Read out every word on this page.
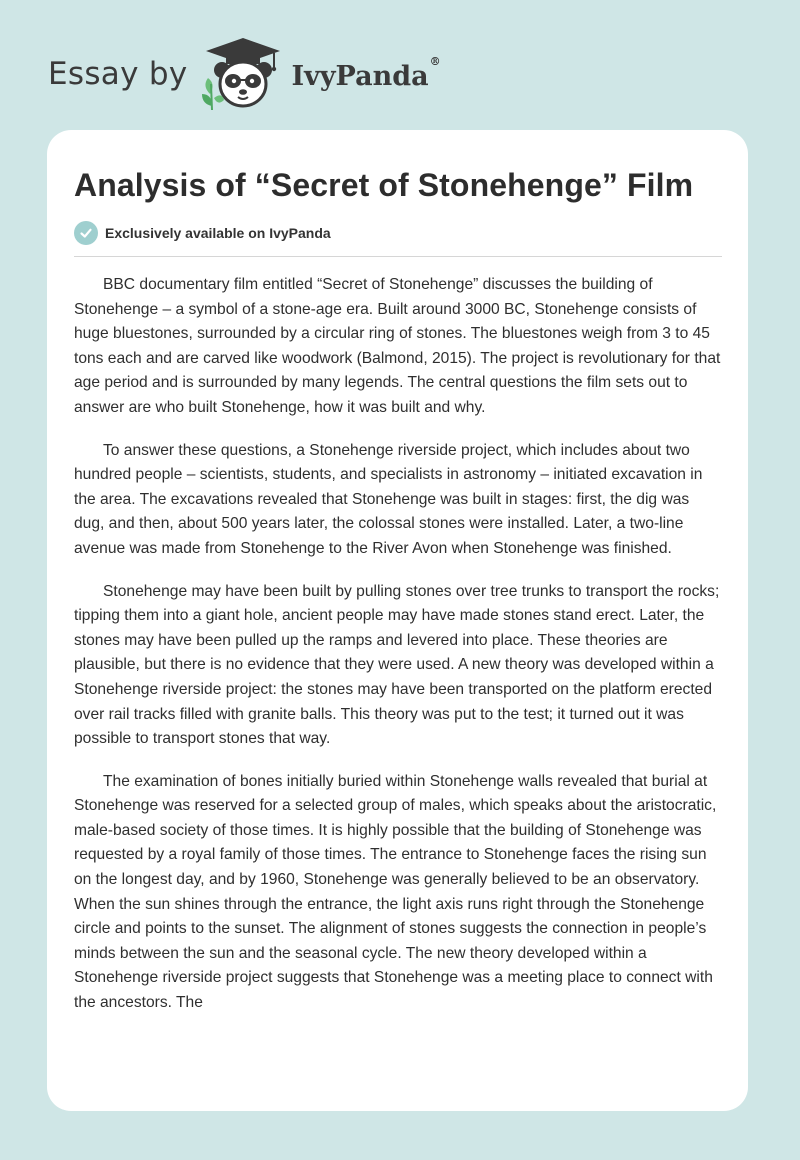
Essay by	IvyPanda®
Analysis of “Secret of Stonehenge” Film
Exclusively available on IvyPanda

BBC documentary film entitled “Secret of Stonehenge” discusses the building of Stonehenge – a symbol of a stone-age era. Built around 3000 BC, Stonehenge consists of huge bluestones, surrounded by a circular ring of stones. The bluestones weigh from 3 to 45 tons each and are carved like woodwork (Balmond, 2015). The project is revolutionary for that age period and is surrounded by many legends. The central questions the film sets out to answer are who built Stonehenge, how it was built and why.

To answer these questions, a Stonehenge riverside project, which includes about two hundred people – scientists, students, and specialists in astronomy – initiated excavation in the area. The excavations revealed that Stonehenge was built in stages: first, the dig was dug, and then, about 500 years later, the colossal stones were installed. Later, a two-line avenue was made from Stonehenge to the River Avon when Stonehenge was finished.

Stonehenge may have been built by pulling stones over tree trunks to transport the rocks; tipping them into a giant hole, ancient people may have made stones stand erect. Later, the stones may have been pulled up the ramps and levered into place. These theories are plausible, but there is no evidence that they were used. A new theory was developed within a Stonehenge riverside project: the stones may have been transported on the platform erected over rail tracks filled with granite balls. This theory was put to the test; it turned out it was possible to transport stones that way.

The examination of bones initially buried within Stonehenge walls revealed that burial at Stonehenge was reserved for a selected group of males, which speaks about the aristocratic, male-based society of those times. It is highly possible that the building of Stonehenge was requested by a royal family of those times. The entrance to Stonehenge faces the rising sun on the longest day, and by 1960, Stonehenge was generally believed to be an observatory. When the sun shines through the entrance, the light axis runs right through the Stonehenge circle and points to the sunset. The alignment of stones suggests the connection in people’s minds between the sun and the seasonal cycle. The new theory developed within a Stonehenge riverside project suggests that Stonehenge was a meeting place to connect with the ancestors. The
